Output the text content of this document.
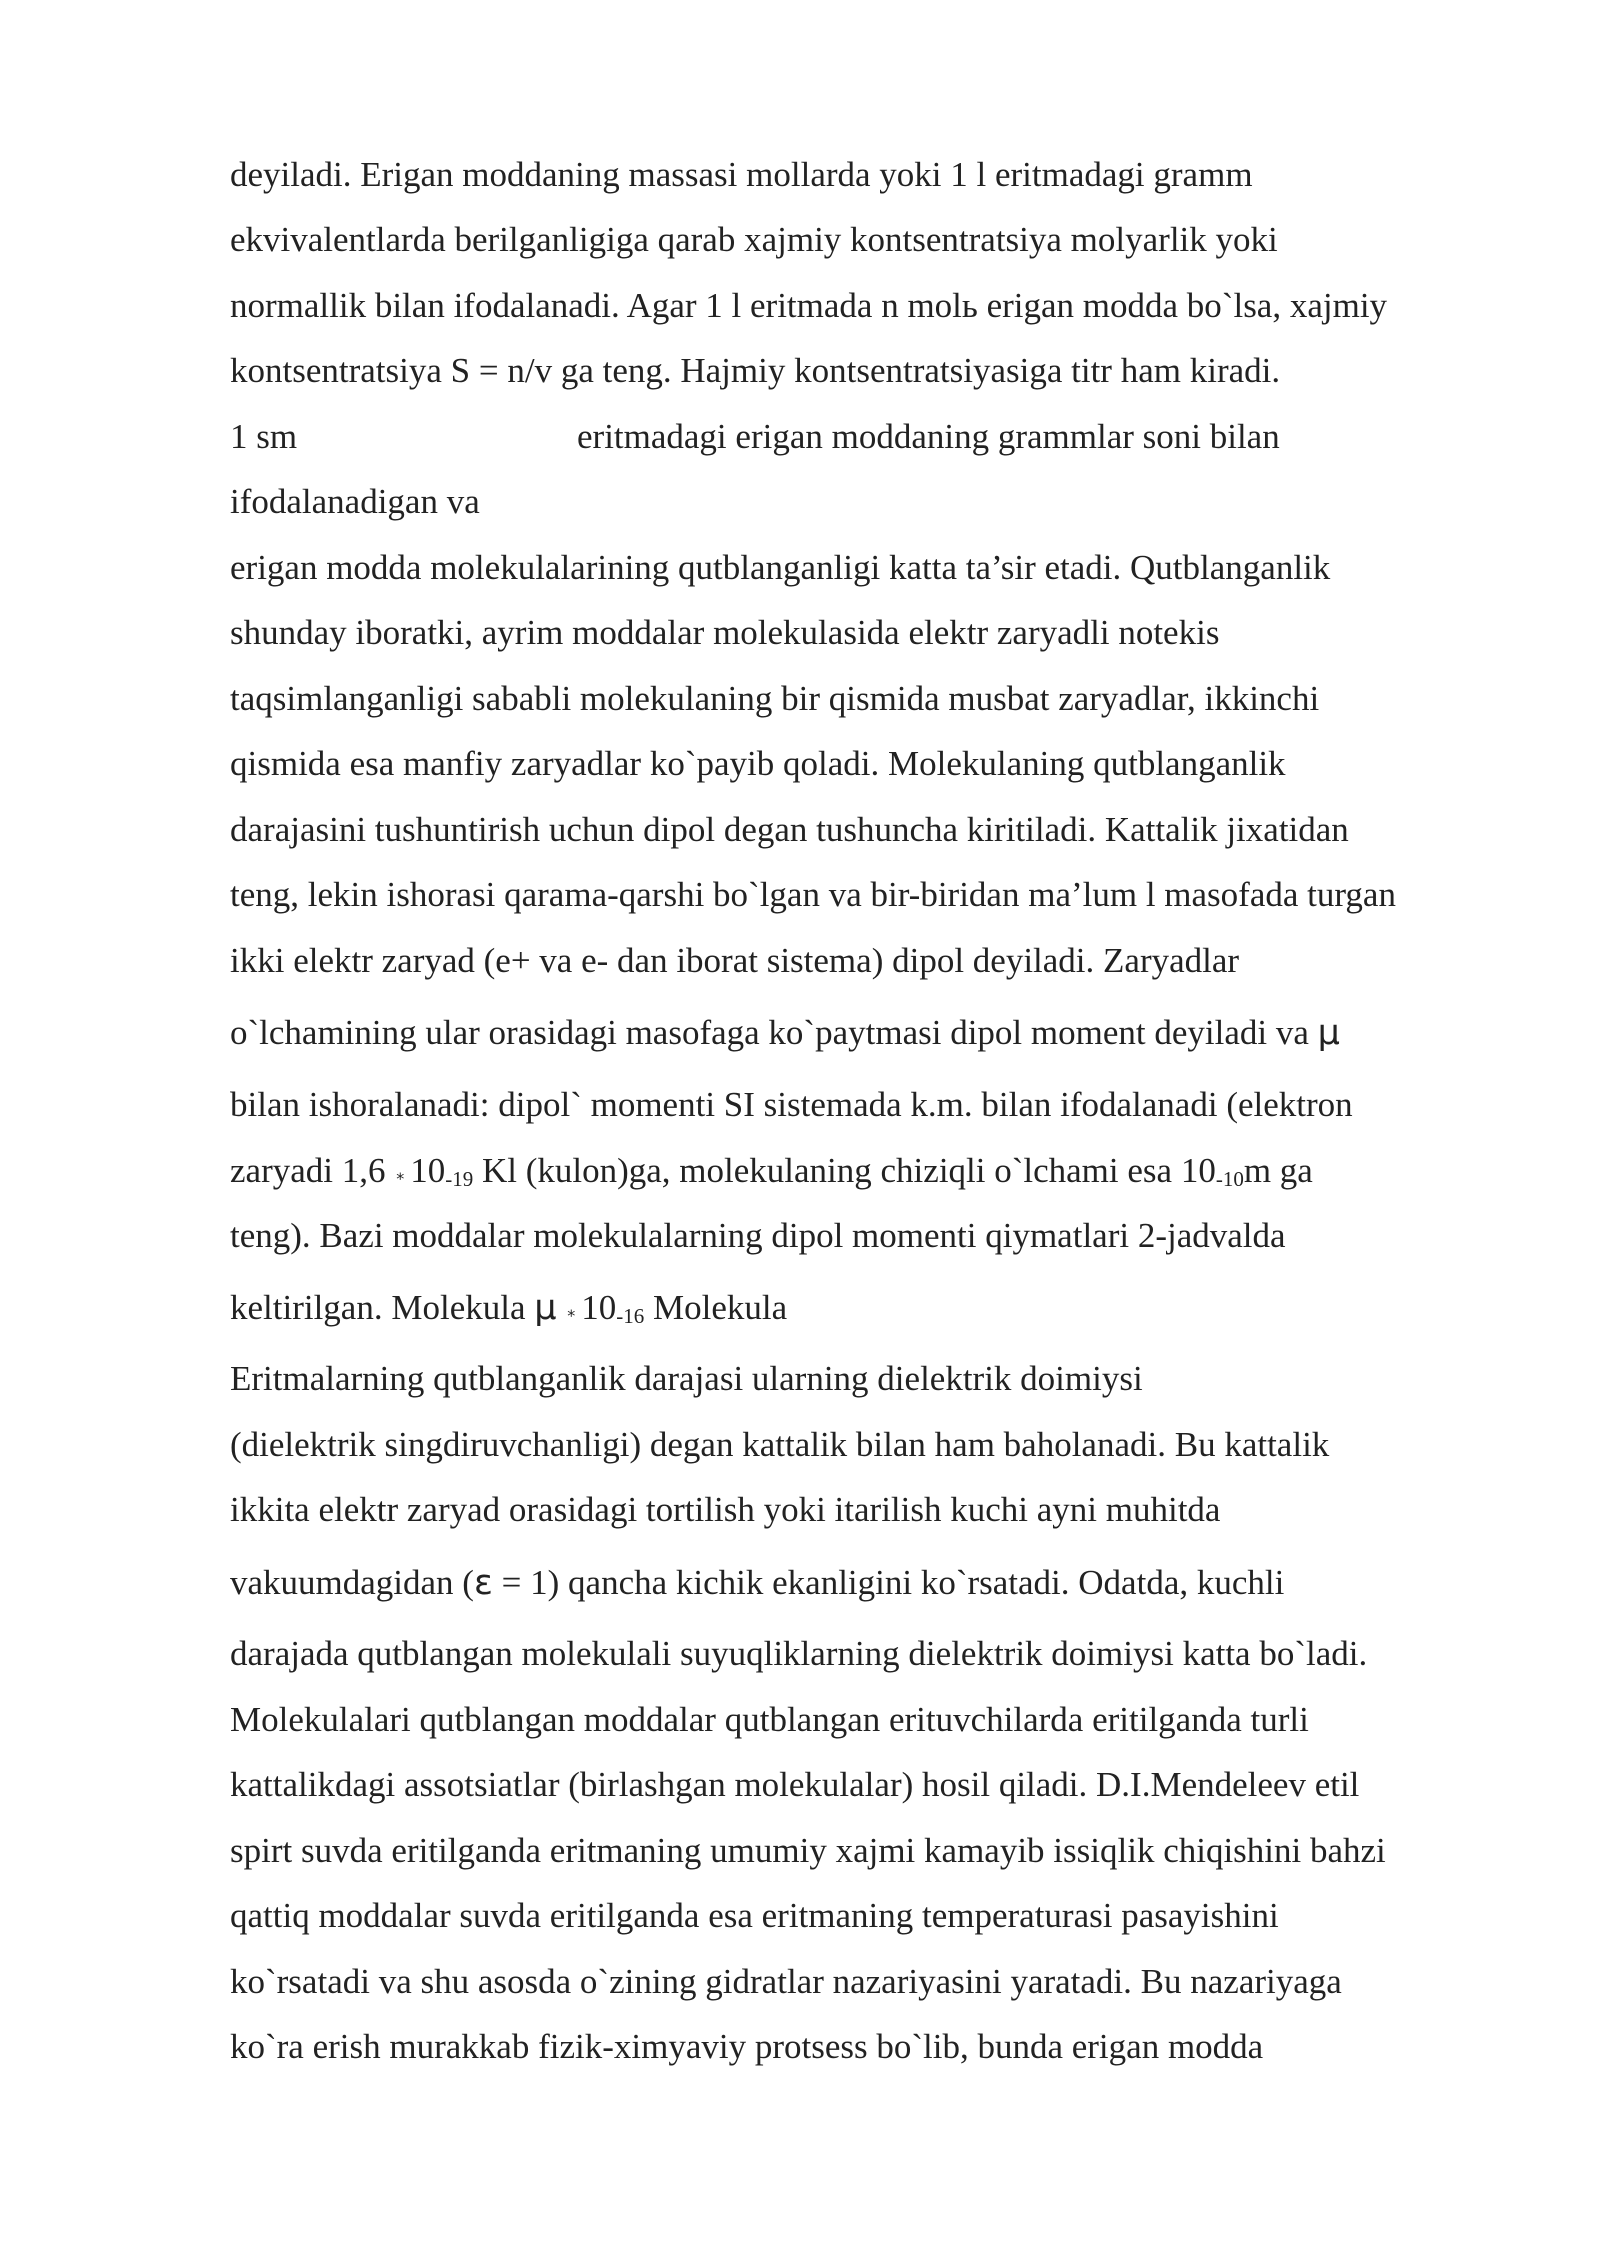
deyiladi. Erigan moddaning massasi mollarda yoki 1 l eritmadagi gramm
ekvivalentlarda berilganligiga qarab xajmiy kontsentratsiya molyarlik yoki
normallik bilan ifodalanadi. Agar 1 l eritmada n molь erigan modda bo`lsa, xajmiy
kontsentratsiya S = n/v ga teng. Hajmiy kontsentratsiyasiga titr ham kiradi.
1 sm	eritmadagi erigan moddaning grammlar soni bilan
ifodalanadigan va
erigan modda molekulalarining qutblanganligi katta ta’sir etadi. Qutblanganlik
shunday iboratki, ayrim moddalar molekulasida elektr zaryadli notekis
taqsimlanganligi sababli molekulaning bir qismida musbat zaryadlar, ikkinchi
qismida esa manfiy zaryadlar ko`payib qoladi. Molekulaning qutblanganlik
darajasini tushuntirish uchun dipol degan tushuncha kiritiladi. Kattalik jixatidan
teng, lekin ishorasi qarama-qarshi bo`lgan va bir-biridan ma’lum l masofada turgan
ikki elektr zaryad (e+ va e- dan iborat sistema) dipol deyiladi. Zaryadlar
o`lchamining ular orasidagi masofaga ko`paytmasi dipol moment deyiladi va μ
bilan ishoralanadi: dipol` momenti SI sistemada k.m. bilan ifodalanadi (elektron
zaryadi 1,6 * 10-19 Kl (kulon)ga, molekulaning chiziqli o`lchami esa 10-10m ga
teng). Bazi moddalar molekulalarning dipol momenti qiymatlari 2-jadvalda
keltirilgan. Molekula μ * 10-16 Molekula
Eritmalarning qutblanganlik darajasi ularning dielektrik doimiysi
(dielektrik singdiruvchanligi) degan kattalik bilan ham baholanadi. Bu kattalik
ikkita elektr zaryad orasidagi tortilish yoki itarilish kuchi ayni muhitda
vakuumdagidan (ε = 1) qancha kichik ekanligini ko`rsatadi. Odatda, kuchli
darajada qutblangan molekulali suyuqliklarning dielektrik doimiysi katta bo`ladi.
Molekulalari qutblangan moddalar qutblangan erituvchilarda eritilganda turli
kattalikdagi assotsiatlar (birlashgan molekulalar) hosil qiladi. D.I.Mendeleev etil
spirt suvda eritilganda eritmaning umumiy xajmi kamayib issiqlik chiqishini bahzi
qattiq moddalar suvda eritilganda esa eritmaning temperaturasi pasayishini
ko`rsatadi va shu asosda o`zining gidratlar nazariyasini yaratadi. Bu nazariyaga
ko`ra erish murakkab fizik-ximyaviy protsess bo`lib, bunda erigan modda
